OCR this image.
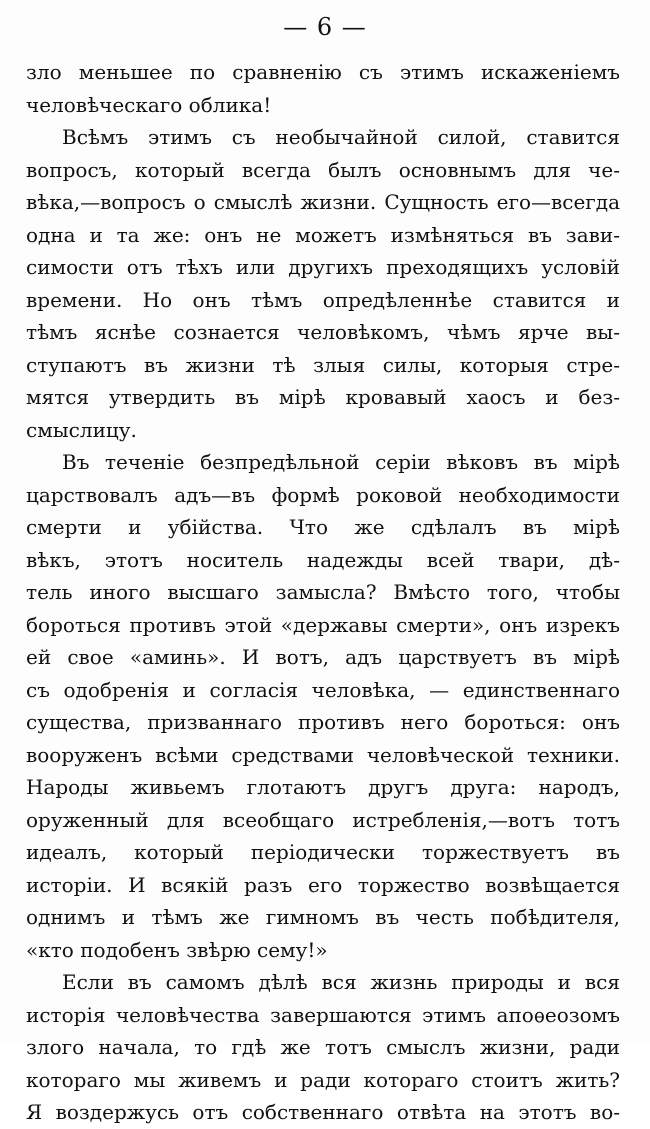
— 6 —
зло меньшее по сравненію съ этимъ искаженіемъ
человѣческаго облика!
Всѣмъ этимъ съ необычайной силой, ставится
вопросъ, который всегда былъ основнымъ для че-
вѣка,—вопросъ о смыслѣ жизни. Сущность его—всегда
одна и та же: онъ не можетъ измѣняться въ зави-
симости отъ тѣхъ или другихъ преходящихъ условій
времени. Но онъ тѣмъ опредѣленнѣе ставится и
тѣмъ яснѣе сознается человѣкомъ, чѣмъ ярче вы-
ступаютъ въ жизни тѣ злыя силы, которыя стре-
мятся утвердить въ мірѣ кровавый хаосъ и без-
смыслицу.
Въ теченіе безпредѣльной серіи вѣковъ въ мірѣ
царствовалъ адъ—въ формѣ роковой необходимости
смерти и убійства. Что же сдѣлалъ въ мірѣ
вѣкъ, этотъ носитель надежды всей твари, дѣ-
тель иного высшаго замысла? Вмѣсто того, чтобы
бороться противъ этой «державы смерти», онъ изрекъ
ей свое «аминь». И вотъ, адъ царствуетъ въ мірѣ
съ одобренія и согласія человѣка, — единственнаго
существа, призваннаго противъ него бороться: онъ
вооруженъ всѣми средствами человѣческой техники.
Народы живьемъ глотаютъ другъ друга: народъ,
оруженный для всеобщаго истребленія,—вотъ тотъ
идеалъ, который періодически торжествуетъ въ
исторіи. И всякій разъ его торжество возвѣщается
однимъ и тѣмъ же гимномъ въ честь побѣдителя,
«кто подобенъ звѣрю сему!»
Если въ самомъ дѣлѣ вся жизнь природы и вся
исторія человѣчества завершаются этимъ апоѳеозомъ
злого начала, то гдѣ же тотъ смыслъ жизни, ради
котораго мы живемъ и ради котораго стоитъ жить?
Я воздержусь отъ собственнаго отвѣта на этотъ во-
